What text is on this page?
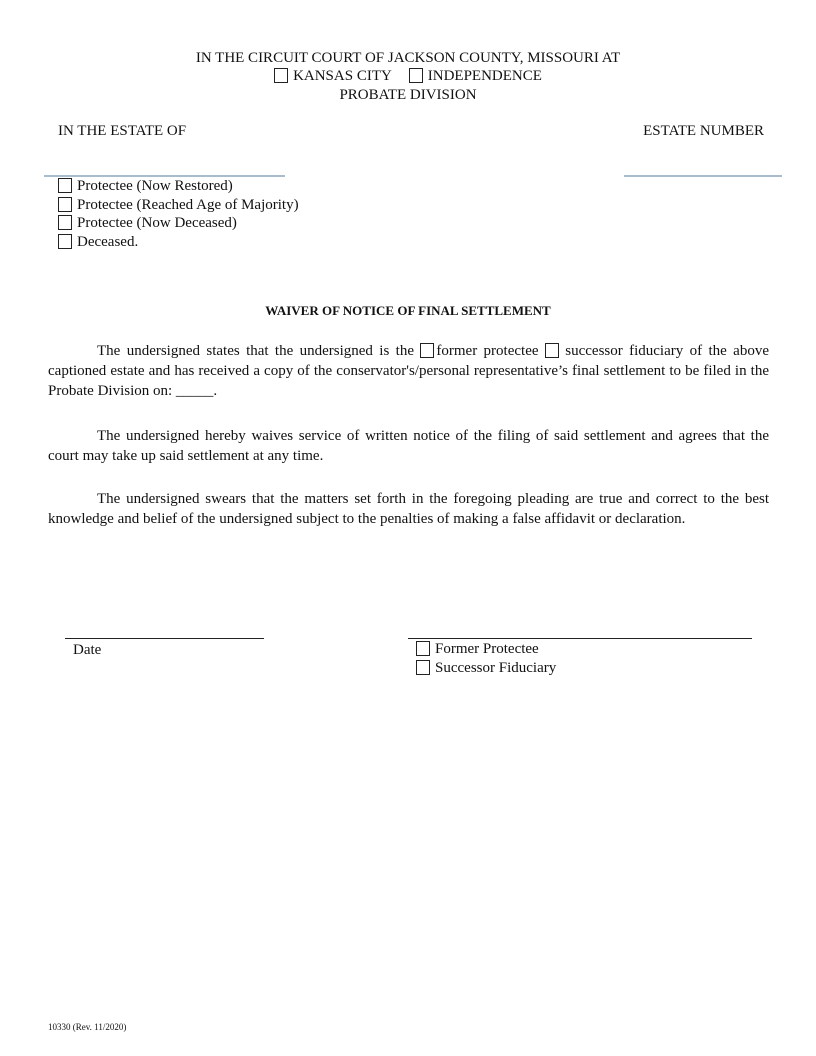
IN THE CIRCUIT COURT OF JACKSON COUNTY, MISSOURI AT
KANSAS CITY INDEPENDENCE
PROBATE DIVISION
IN THE ESTATE OF	ESTATE NUMBER
Protectee (Now Restored)
Protectee (Reached Age of Majority)
Protectee (Now Deceased)
Deceased.
WAIVER OF NOTICE OF FINAL SETTLEMENT
The undersigned states that the undersigned is the former protectee  successor fiduciary of the above captioned estate and has received a copy of the conservator's/personal representative’s final settlement to be filed in the Probate Division on: _____.
The undersigned hereby waives service of written notice of the filing of said settlement and agrees that the court may take up said settlement at any time.
The undersigned swears that the matters set forth in the foregoing pleading are true and correct to the best knowledge and belief of the undersigned subject to the penalties of making a false affidavit or declaration.
Date	Former Protectee
Successor Fiduciary
10330 (Rev. 11/2020)
